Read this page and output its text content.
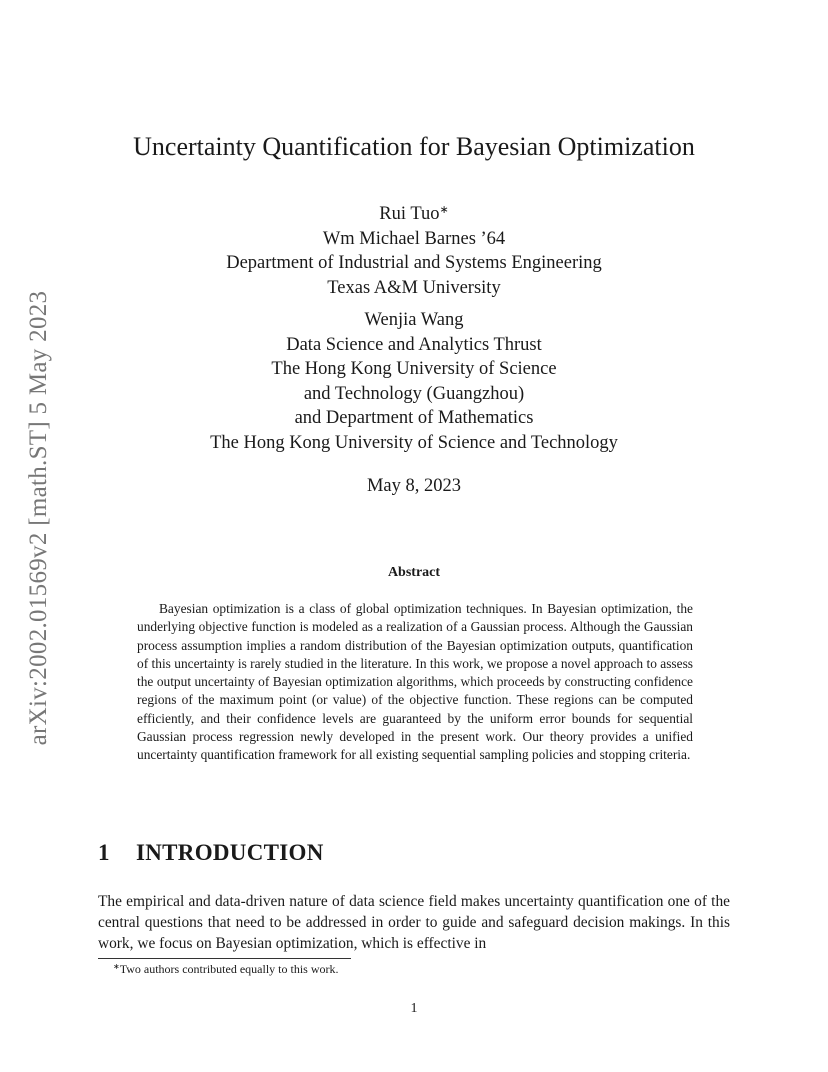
arXiv:2002.01569v2 [math.ST] 5 May 2023
Uncertainty Quantification for Bayesian Optimization
Rui Tuo∗
Wm Michael Barnes ’64
Department of Industrial and Systems Engineering
Texas A&M University
Wenjia Wang
Data Science and Analytics Thrust
The Hong Kong University of Science
and Technology (Guangzhou)
and Department of Mathematics
The Hong Kong University of Science and Technology
May 8, 2023
Abstract

Bayesian optimization is a class of global optimization techniques. In Bayesian optimization, the underlying objective function is modeled as a realization of a Gaussian process. Although the Gaussian process assumption implies a random distribution of the Bayesian optimization outputs, quantification of this uncertainty is rarely studied in the literature. In this work, we propose a novel approach to assess the output uncertainty of Bayesian optimization algorithms, which proceeds by constructing confidence regions of the maximum point (or value) of the objective function. These regions can be computed efficiently, and their confidence levels are guaranteed by the uniform error bounds for sequential Gaussian process regression newly developed in the present work. Our theory provides a unified uncertainty quantification framework for all existing sequential sampling policies and stopping criteria.

1 INTRODUCTION

The empirical and data-driven nature of data science field makes uncertainty quantification one of the central questions that need to be addressed in order to guide and safeguard decision makings. In this work, we focus on Bayesian optimization, which is effective in

∗Two authors contributed equally to this work.
1
